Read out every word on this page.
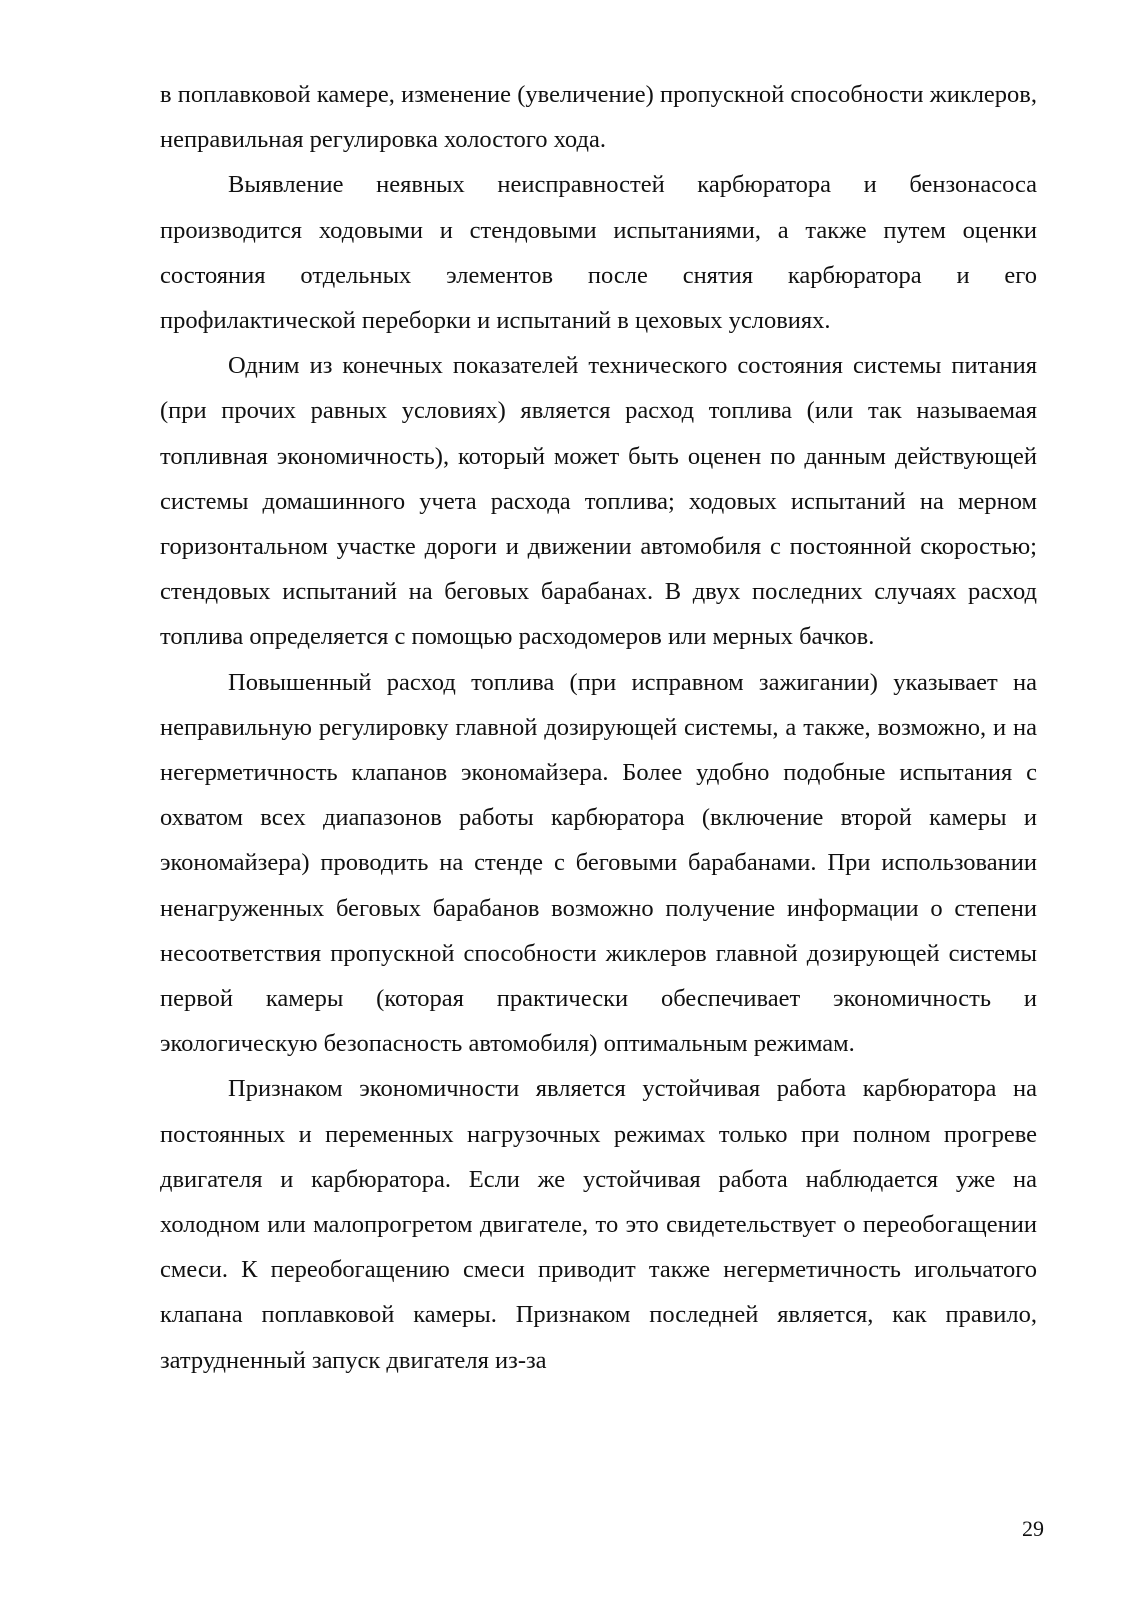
в поплавковой камере, изменение (увеличение) пропускной способности жиклеров, неправильная регулировка холостого хода.

Выявление неявных неисправностей карбюратора и бензонасоса производится ходовыми и стендовыми испытаниями, а также путем оценки состояния отдельных элементов после снятия карбюратора и его профилактической переборки и испытаний в цеховых условиях.

Одним из конечных показателей технического состояния системы питания (при прочих равных условиях) является расход топлива (или так называемая топливная экономичность), который может быть оценен по данным действующей системы домашинного учета расхода топлива; ходовых испытаний на мерном горизонтальном участке дороги и движении автомобиля с постоянной скоростью; стендовых испытаний на беговых барабанах. В двух последних случаях расход топлива определяется с помощью расходомеров или мерных бачков.

Повышенный расход топлива (при исправном зажигании) указывает на неправильную регулировку главной дозирующей системы, а также, возможно, и на негерметичность клапанов экономайзера. Более удобно подобные испытания с охватом всех диапазонов работы карбюратора (включение второй камеры и экономайзера) проводить на стенде с беговыми барабанами. При использовании ненагруженных беговых барабанов возможно получение информации о степени несоответствия пропускной способности жиклеров главной дозирующей системы первой камеры (которая практически обеспечивает экономичность и экологическую безопасность автомобиля) оптимальным режимам.

Признаком экономичности является устойчивая работа карбюратора на постоянных и переменных нагрузочных режимах только при полном прогреве двигателя и карбюратора. Если же устойчивая работа наблюдается уже на холодном или малопрогретом двигателе, то это свидетельствует о переобогащении смеси. К переобогащению смеси приводит также негерметичность игольчатого клапана поплавковой камеры. Признаком последней является, как правило, затрудненный запуск двигателя из-за

29
